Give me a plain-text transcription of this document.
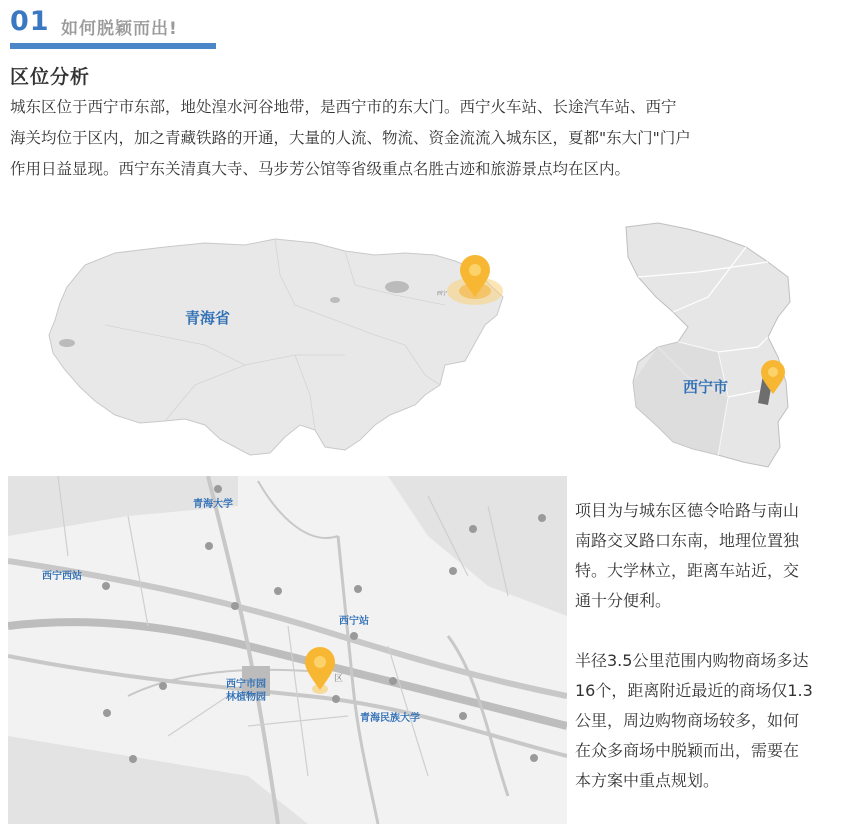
01 如何脱颖而出!
区位分析

城东区位于西宁市东部，地处湟水河谷地带，是西宁市的东大门。西宁火车站、长途汽车站、西宁

海关均位于区内，加之青藏铁路的开通，大量的人流、物流、资金流流入城东区，夏都"东大门"门户

作用日益显现。西宁东关清真大寺、马步芳公馆等省级重点名胜古迹和旅游景点均在区内。

青海省
西宁
西宁市
青海大学
西宁西站
西宁站
西宁市园
林植物园
青海民族大学
区

项目为与城东区德令哈路与南山

南路交叉路口东南，地理位置独

特。大学林立，距离车站近，交

通十分便利。

半径3.5公里范围内购物商场多达

16个，距离附近最近的商场仅1.3

公里，周边购物商场较多，如何

在众多商场中脱颖而出，需要在

本方案中重点规划。
